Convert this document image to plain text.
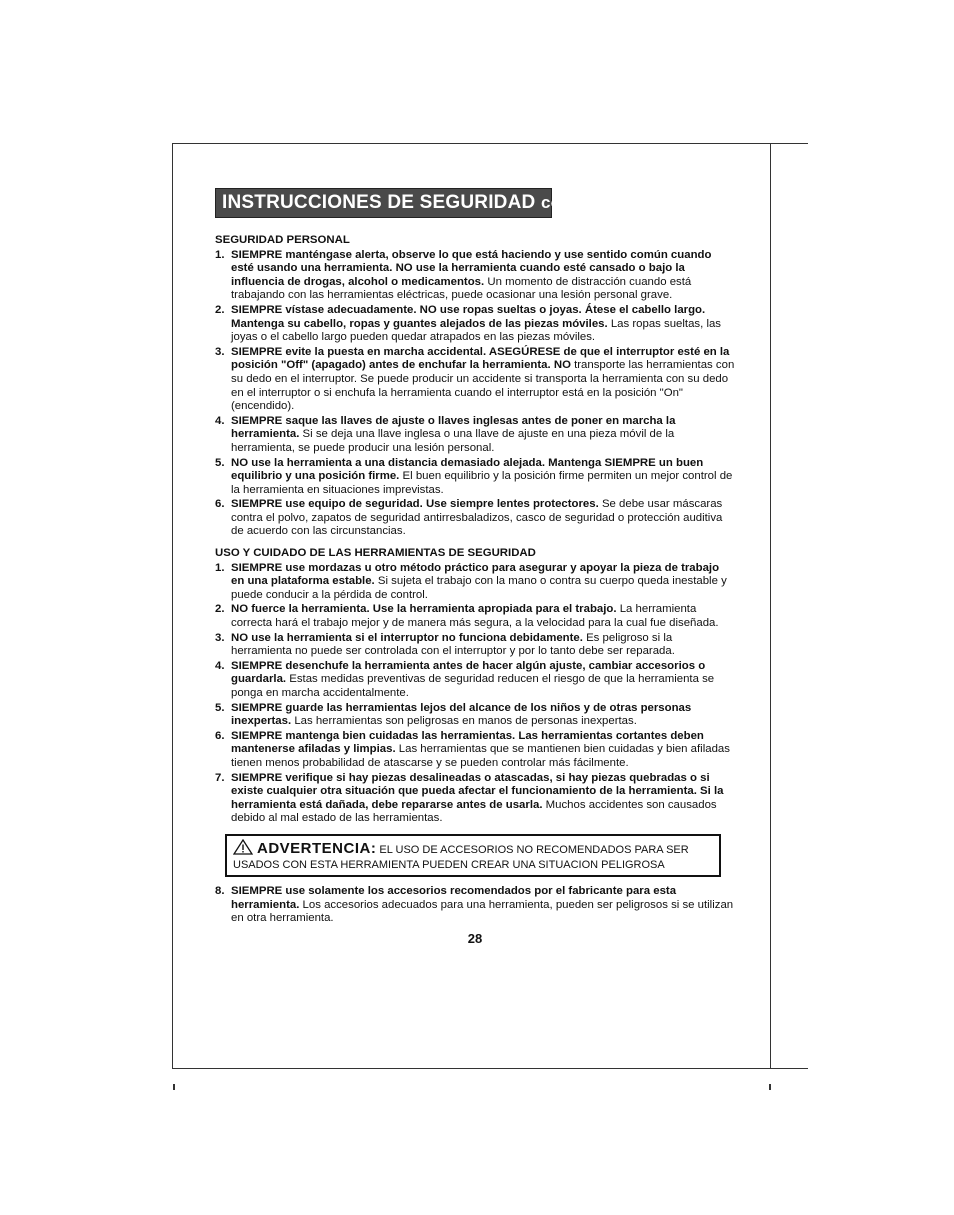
INSTRUCCIONES DE SEGURIDAD cont.
SEGURIDAD PERSONAL
1. SIEMPRE manténgase alerta, observe lo que está haciendo y use sentido común cuando esté usando una herramienta. NO use la herramienta cuando esté cansado o bajo la influencia de drogas, alcohol o medicamentos. Un momento de distracción cuando está trabajando con las herramientas eléctricas, puede ocasionar una lesión personal grave.
2. SIEMPRE vístase adecuadamente. NO use ropas sueltas o joyas. Átese el cabello largo. Mantenga su cabello, ropas y guantes alejados de las piezas móviles. Las ropas sueltas, las joyas o el cabello largo pueden quedar atrapados en las piezas móviles.
3. SIEMPRE evite la puesta en marcha accidental. ASEGÚRESE de que el interruptor esté en la posición "Off" (apagado) antes de enchufar la herramienta. NO transporte las herramientas con su dedo en el interruptor. Se puede producir un accidente si transporta la herramienta con su dedo en el interruptor o si enchufa la herramienta cuando el interruptor está en la posición "On" (encendido).
4. SIEMPRE saque las llaves de ajuste o llaves inglesas antes de poner en marcha la herramienta. Si se deja una llave inglesa o una llave de ajuste en una pieza móvil de la herramienta, se puede producir una lesión personal.
5. NO use la herramienta a una distancia demasiado alejada. Mantenga SIEMPRE un buen equilibrio y una posición firme. El buen equilibrio y la posición firme permiten un mejor control de la herramienta en situaciones imprevistas.
6. SIEMPRE use equipo de seguridad. Use siempre lentes protectores. Se debe usar máscaras contra el polvo, zapatos de seguridad antirresbaladizos, casco de seguridad o protección auditiva de acuerdo con las circunstancias.
USO Y CUIDADO DE LAS HERRAMIENTAS DE SEGURIDAD
1. SIEMPRE use mordazas u otro método práctico para asegurar y apoyar la pieza de trabajo en una plataforma estable. Si sujeta el trabajo con la mano o contra su cuerpo queda inestable y puede conducir a la pérdida de control.
2. NO fuerce la herramienta. Use la herramienta apropiada para el trabajo. La herramienta correcta hará el trabajo mejor y de manera más segura, a la velocidad para la cual fue diseñada.
3. NO use la herramienta si el interruptor no funciona debidamente. Es peligroso si la herramienta no puede ser controlada con el interruptor y por lo tanto debe ser reparada.
4. SIEMPRE desenchufe la herramienta antes de hacer algún ajuste, cambiar accesorios o guardarla. Estas medidas preventivas de seguridad reducen el riesgo de que la herramienta se ponga en marcha accidentalmente.
5. SIEMPRE guarde las herramientas lejos del alcance de los niños y de otras personas inexpertas. Las herramientas son peligrosas en manos de personas inexpertas.
6. SIEMPRE mantenga bien cuidadas las herramientas. Las herramientas cortantes deben mantenerse afiladas y limpias. Las herramientas que se mantienen bien cuidadas y bien afiladas tienen menos probabilidad de atascarse y se pueden controlar más fácilmente.
7. SIEMPRE verifique si hay piezas desalineadas o atascadas, si hay piezas quebradas o si existe cualquier otra situación que pueda afectar el funcionamiento de la herramienta. Si la herramienta está dañada, debe repararse antes de usarla. Muchos accidentes son causados debido al mal estado de las herramientas.
ADVERTENCIA: EL USO DE ACCESORIOS NO RECOMENDADOS PARA SER USADOS CON ESTA HERRAMIENTA PUEDEN CREAR UNA SITUACION PELIGROSA
8. SIEMPRE use solamente los accesorios recomendados por el fabricante para esta herramienta. Los accesorios adecuados para una herramienta, pueden ser peligrosos si se utilizan en otra herramienta.
28
